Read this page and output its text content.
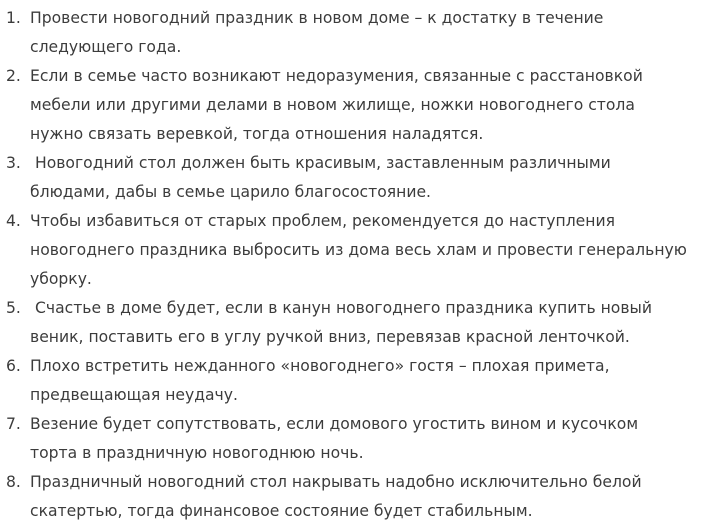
1. Провести новогодний праздник в новом доме – к достатку в течение следующего года.
2. Если в семье часто возникают недоразумения, связанные с расстановкой мебели или другими делами в новом жилище, ножки новогоднего стола нужно связать веревкой, тогда отношения наладятся.
3. Новогодний стол должен быть красивым, заставленным различными блюдами, дабы в семье царило благосостояние.
4. Чтобы избавиться от старых проблем, рекомендуется до наступления новогоднего праздника выбросить из дома весь хлам и провести генеральную уборку.
5. Счастье в доме будет, если в канун новогоднего праздника купить новый веник, поставить его в углу ручкой вниз, перевязав красной ленточкой.
6. Плохо встретить нежданного «новогоднего» гостя – плохая примета, предвещающая неудачу.
7. Везение будет сопутствовать, если домового угостить вином и кусочком торта в праздничную новогоднюю ночь.
8. Праздничный новогодний стол накрывать надобно исключительно белой скатертью, тогда финансовое состояние будет стабильным.
